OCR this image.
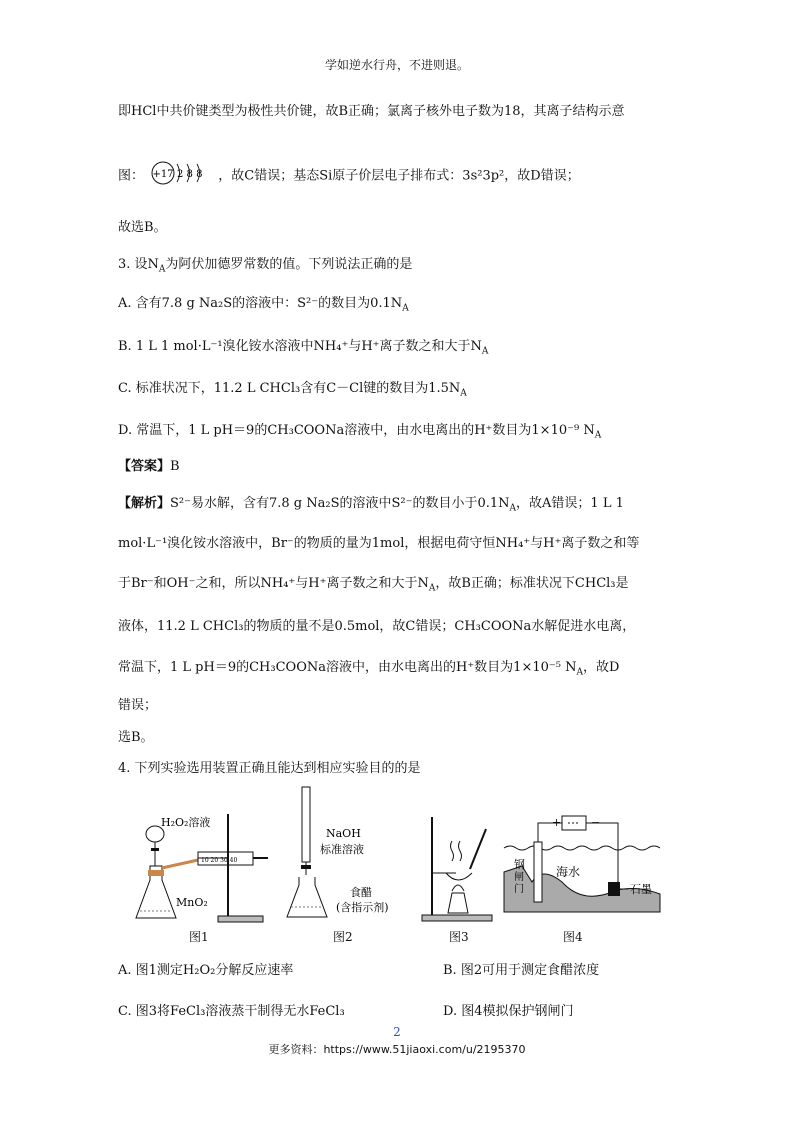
学如逆水行舟，不进则退。
即HCl中共价键类型为极性共价键，故B正确；氯离子核外电子数为18，其离子结构示意
图： +17 2 8 8 ，故C错误；基态Si原子价层电子排布式：3s²3p²，故D错误；
故选B。
3. 设$N_A$为阿伏加德罗常数的值。下列说法正确的是
A. 含有7.8 g Na₂S的溶液中：S²⁻的数目为$0.1N_A$
B. 1 L 1 mol·L⁻¹溴化铵水溶液中NH₄⁺与H⁺离子数之和大于$N_A$
C. 标准状况下，11.2 L CHCl₃含有C－Cl键的数目为$1.5N_A$
D. 常温下，1 L pH＝9的CH₃COONa溶液中，由水电离出的H⁺数目为1×10⁻⁹ $N_A$
【答案】B
【解析】S²⁻易水解，含有7.8 g Na₂S的溶液中S²⁻的数目小于$0.1N_A$，故A错误；1 L 1
mol·L⁻¹溴化铵水溶液中，Br⁻的物质的量为1mol，根据电荷守恒NH₄⁺与H⁺离子数之和等
于Br⁻和OH⁻之和，所以NH₄⁺与H⁺离子数之和大于$N_A$，故B正确；标准状况下CHCl₃是
液体，11.2 L CHCl₃的物质的量不是0.5mol，故C错误；CH₃COONa水解促进水电离，
常温下，1 L pH＝9的CH₃COONa溶液中，由水电离出的H⁺数目为1×10⁻⁵ $N_A$，故D
错误；
选B。
4. 下列实验选用装置正确且能达到相应实验目的的是
H₂O₂溶液
MnO₂
10 20 30 40
图1
NaOH
标准溶液
食醋
(含指示剂)
图2	图3
+	−
钢
闸
门
海水
石墨
图4
A. 图1测定H₂O₂分解反应速率	B. 图2可用于测定食醋浓度
C. 图3将FeCl₃溶液蒸干制得无水FeCl₃	D. 图4模拟保护钢闸门
2
更多资料：https://www.51jiaoxi.com/u/2195370
